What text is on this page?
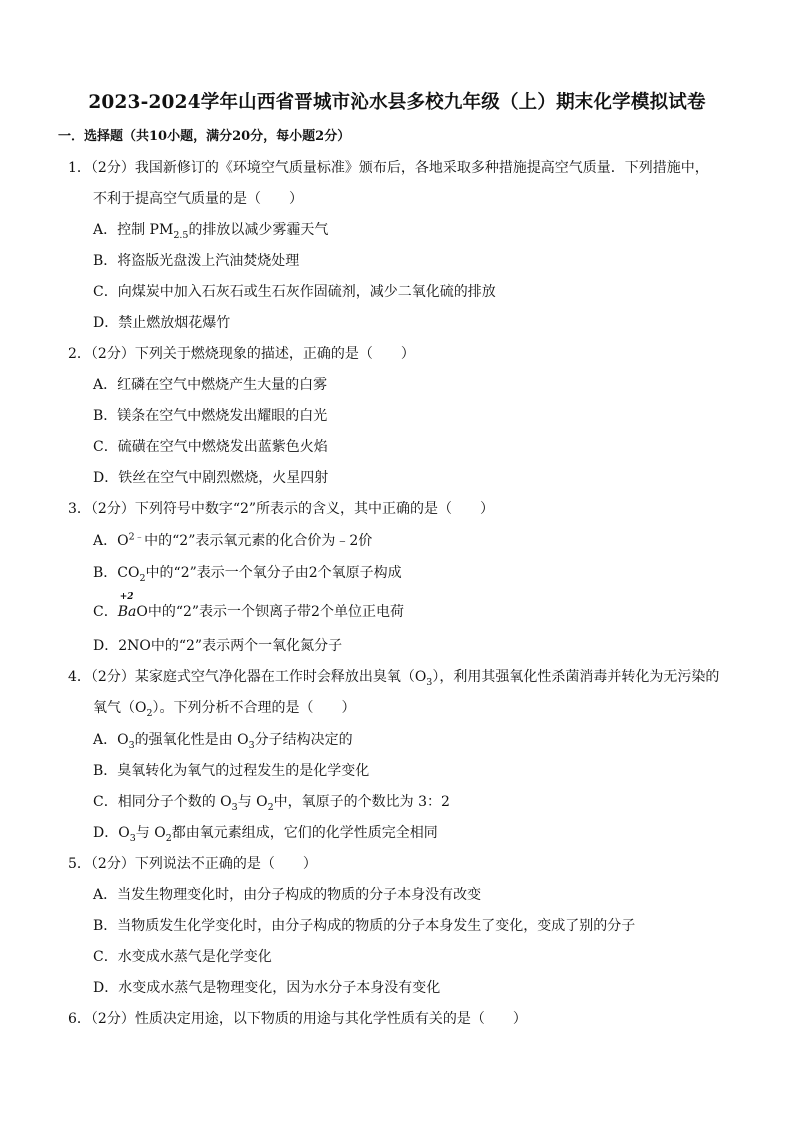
2023-2024学年山西省晋城市沁水县多校九年级（上）期末化学模拟试卷
一．选择题（共10小题，满分20分，每小题2分）
1．（2分）我国新修订的《环境空气质量标准》颁布后，各地采取多种措施提高空气质量．下列措施中，
不利于提高空气质量的是（　　）
A．控制 $PM_{2.5}$的排放以减少雾霾天气
B．将盗版光盘泼上汽油焚烧处理
C．向煤炭中加入石灰石或生石灰作固硫剂，减少二氧化硫的排放
D．禁止燃放烟花爆竹
2．（2分）下列关于燃烧现象的描述，正确的是（　　）
A．红磷在空气中燃烧产生大量的白雾
B．镁条在空气中燃烧发出耀眼的白光
C．硫磺在空气中燃烧发出蓝紫色火焰
D．铁丝在空气中剧烈燃烧，火星四射
3．（2分）下列符号中数字“2”所表示的含义，其中正确的是（　　）
A．$O^{2﹣}$中的“2”表示氧元素的化合价为﹣2价
B．$CO_2$中的“2”表示一个氧分子由2个氧原子构成
C．
+2
BaO中的“2”表示一个钡离子带2个单位正电荷
D．2NO中的“2”表示两个一氧化氮分子
4．（2分）某家庭式空气净化器在工作时会释放出臭氧$(O_3)$，利用其强氧化性杀菌消毒并转化为无污染的
氧气$(O_2)$。下列分析不合理的是（　　）
A．$O_3$的强氧化性是由 $O_3$分子结构决定的
B．臭氧转化为氧气的过程发生的是化学变化
C．相同分子个数的 $O_3$与 $O_2$中，氧原子的个数比为 3：2
D．$O_3$与 $O_2$都由氧元素组成，它们的化学性质完全相同
5．（2分）下列说法不正确的是（　　）
A．当发生物理变化时，由分子构成的物质的分子本身没有改变
B．当物质发生化学变化时，由分子构成的物质的分子本身发生了变化，变成了别的分子
C．水变成水蒸气是化学变化
D．水变成水蒸气是物理变化，因为水分子本身没有变化
6．（2分）性质决定用途，以下物质的用途与其化学性质有关的是（　　）
